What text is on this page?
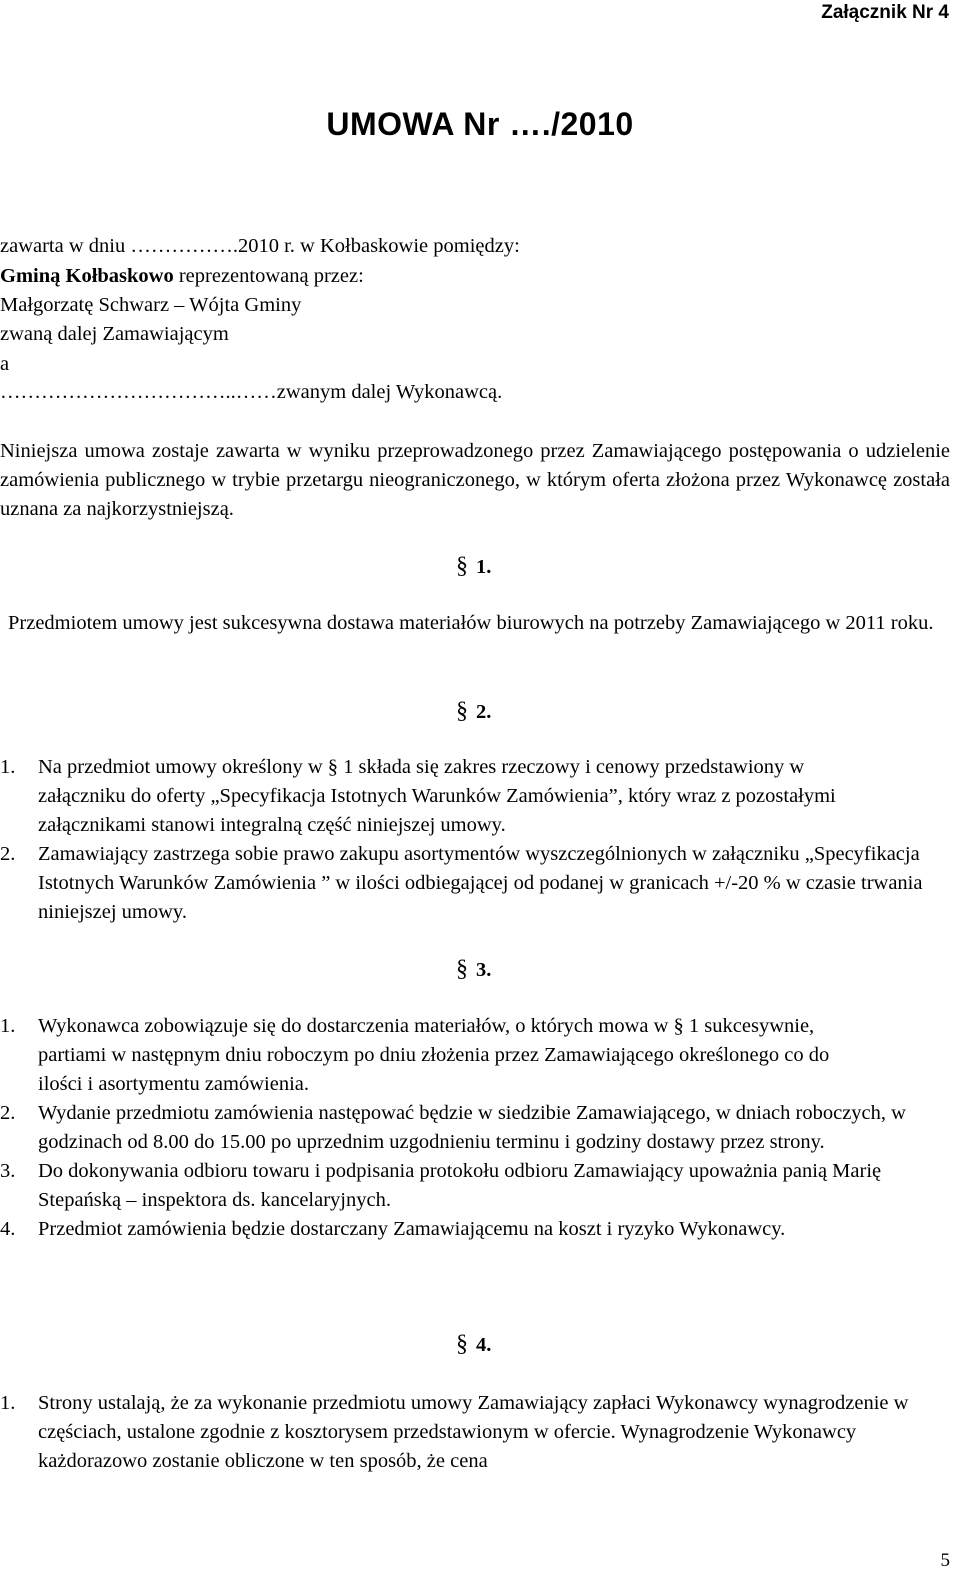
Załącznik Nr 4
UMOWA Nr …./2010
zawarta w dniu …………….2010 r. w Kołbaskowie pomiędzy:
Gminą Kołbaskowo reprezentowaną przez:
Małgorzatę Schwarz – Wójta Gminy
zwaną dalej Zamawiającym
a
……………………………..……zwanym dalej Wykonawcą.
Niniejsza umowa zostaje zawarta w wyniku przeprowadzonego przez Zamawiającego postępowania o udzielenie zamówienia publicznego w trybie przetargu nieograniczonego, w którym oferta złożona przez Wykonawcę została uznana za najkorzystniejszą.
§ 1.
Przedmiotem umowy jest sukcesywna dostawa materiałów biurowych na potrzeby Zamawiającego w 2011 roku.
§ 2.
1. Na przedmiot umowy określony w § 1 składa się zakres rzeczowy i cenowy przedstawiony w załączniku do oferty „Specyfikacja Istotnych Warunków Zamówienia”, który wraz z pozostałymi załącznikami stanowi integralną część niniejszej umowy.
2. Zamawiający zastrzega sobie prawo zakupu asortymentów wyszczególnionych w załączniku „Specyfikacja Istotnych Warunków Zamówienia ” w ilości odbiegającej od podanej w granicach +/-20 % w czasie trwania niniejszej umowy.
§ 3.
1. Wykonawca zobowiązuje się do dostarczenia materiałów, o których mowa w § 1 sukcesywnie, partiami w następnym dniu roboczym po dniu złożenia przez Zamawiającego określonego co do ilości i asortymentu zamówienia.
2. Wydanie przedmiotu zamówienia następować będzie w siedzibie Zamawiającego, w dniach roboczych, w godzinach od 8.00 do 15.00 po uprzednim uzgodnieniu terminu i godziny dostawy przez strony.
3. Do dokonywania odbioru towaru i podpisania protokołu odbioru Zamawiający upoważnia panią Marię Stepańską – inspektora ds. kancelaryjnych.
4. Przedmiot zamówienia będzie dostarczany Zamawiającemu na koszt i ryzyko Wykonawcy.
§ 4.
1. Strony ustalają, że za wykonanie przedmiotu umowy Zamawiający zapłaci Wykonawcy wynagrodzenie w częściach, ustalone zgodnie z kosztorysem przedstawionym w ofercie. Wynagrodzenie Wykonawcy każdorazowo zostanie obliczone w ten sposób, że cena
5
